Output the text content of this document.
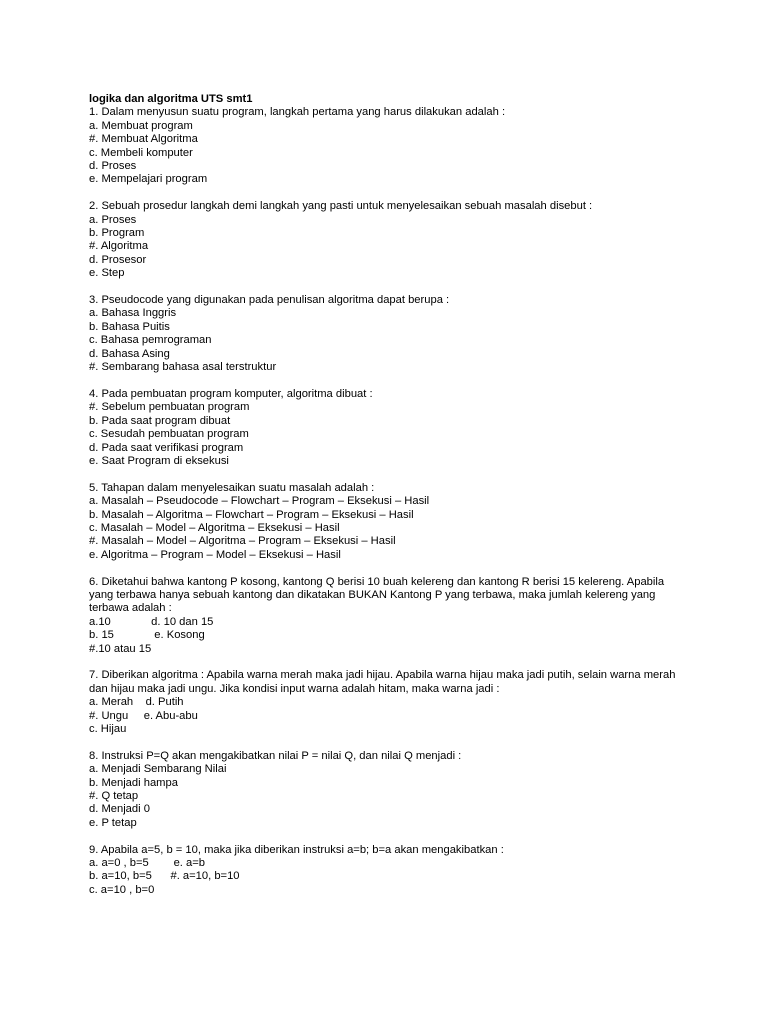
logika dan algoritma UTS smt1
1. Dalam menyusun suatu program, langkah pertama yang harus dilakukan adalah :
a. Membuat program
#. Membuat Algoritma
c. Membeli komputer
d. Proses
e. Mempelajari program
2. Sebuah prosedur langkah demi langkah yang pasti untuk menyelesaikan sebuah masalah disebut :
a. Proses
b. Program
#. Algoritma
d. Prosesor
e. Step
3. Pseudocode yang digunakan pada penulisan algoritma dapat berupa :
a. Bahasa Inggris
b. Bahasa Puitis
c. Bahasa pemrograman
d. Bahasa Asing
#. Sembarang bahasa asal terstruktur
4. Pada pembuatan program komputer, algoritma dibuat :
#. Sebelum pembuatan program
b. Pada saat program dibuat
c. Sesudah pembuatan program
d. Pada saat verifikasi program
e. Saat Program di eksekusi
5. Tahapan dalam menyelesaikan suatu masalah adalah :
a. Masalah – Pseudocode – Flowchart – Program – Eksekusi – Hasil
b. Masalah – Algoritma – Flowchart – Program – Eksekusi – Hasil
c. Masalah – Model – Algoritma – Eksekusi – Hasil
#. Masalah – Model – Algoritma – Program – Eksekusi – Hasil
e. Algoritma – Program – Model – Eksekusi – Hasil
6. Diketahui bahwa kantong P kosong, kantong Q berisi 10 buah kelereng dan kantong R berisi 15 kelereng. Apabila yang terbawa hanya sebuah kantong dan dikatakan BUKAN Kantong P yang terbawa, maka jumlah kelereng yang terbawa adalah :
a.10             d. 10 dan 15
b. 15             e. Kosong
#.10 atau 15
7. Diberikan algoritma : Apabila warna merah maka jadi hijau. Apabila warna hijau maka jadi putih, selain warna merah dan hijau maka jadi ungu. Jika kondisi input warna adalah hitam, maka warna jadi :
a. Merah    d. Putih
#. Ungu     e. Abu-abu
c. Hijau
8. Instruksi P=Q akan mengakibatkan nilai P = nilai Q, dan nilai Q menjadi :
a. Menjadi Sembarang Nilai
b. Menjadi hampa
#. Q tetap
d. Menjadi 0
e. P tetap
9. Apabila a=5, b = 10, maka jika diberikan instruksi a=b; b=a akan mengakibatkan :
a. a=0 , b=5        e. a=b
b. a=10, b=5      #. a=10, b=10
c. a=10 , b=0
